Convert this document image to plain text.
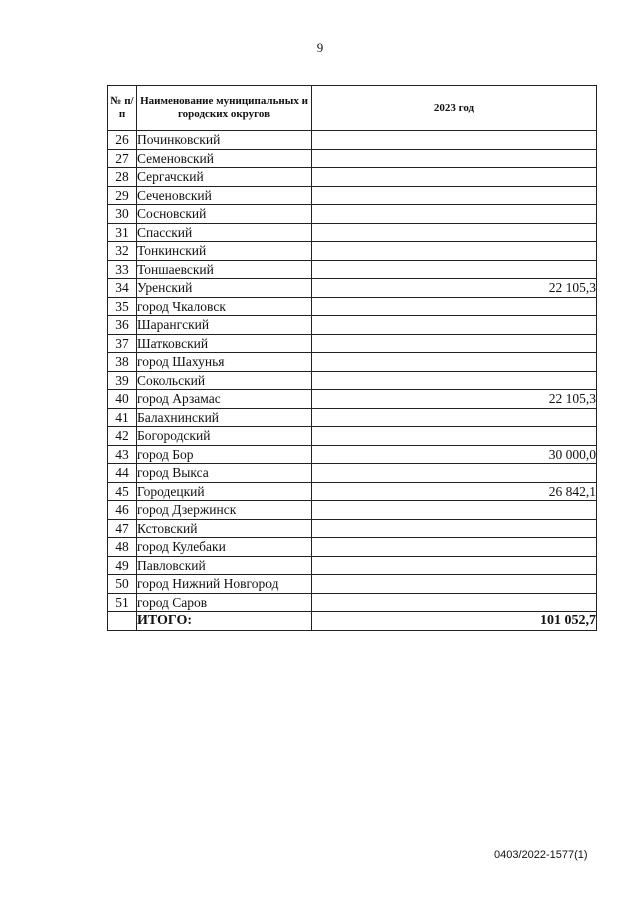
9
№ п/п	Наименование муниципальных и городских округов	2023 год
26	Починковский	
27	Семеновский	
28	Сергачский	
29	Сеченовский	
30	Сосновский	
31	Спасский	
32	Тонкинский	
33	Тоншаевский	
34	Уренский	22 105,3
35	город Чкаловск	
36	Шарангский	
37	Шатковский	
38	город Шахунья	
39	Сокольский	
40	город Арзамас	22 105,3
41	Балахнинский	
42	Богородский	
43	город Бор	30 000,0
44	город Выкса	
45	Городецкий	26 842,1
46	город Дзержинск	
47	Кстовский	
48	город Кулебаки	
49	Павловский	
50	город Нижний Новгород	
51	город Саров	
	ИТОГО:	101 052,7
0403/2022-1577(1)
